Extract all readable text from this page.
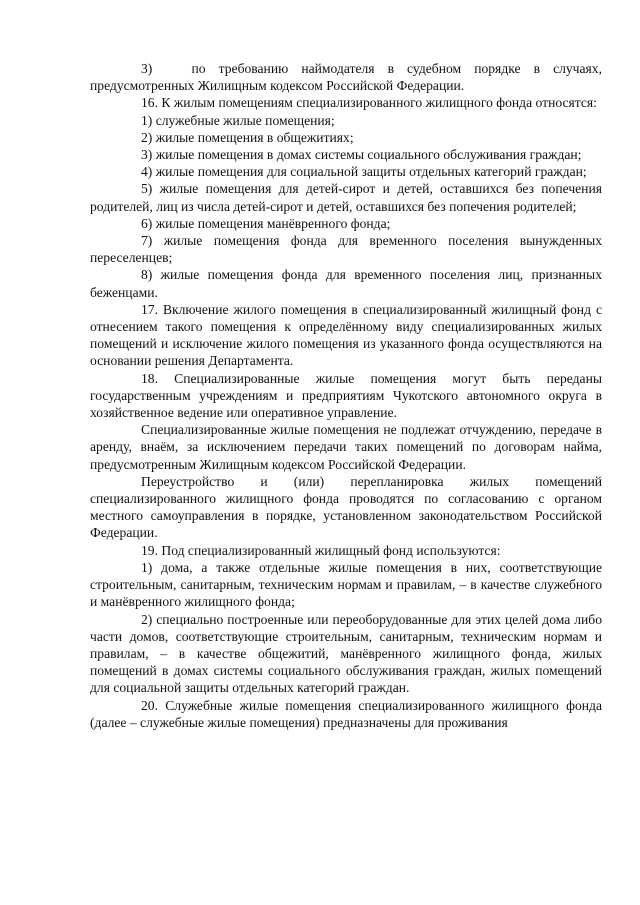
3)   по требованию наймодателя в судебном порядке в случаях, предусмотренных Жилищным кодексом Российской Федерации.

16. К жилым помещениям специализированного жилищного фонда относятся:

1) служебные жилые помещения;

2) жилые помещения в общежитиях;

3) жилые помещения в домах системы социального обслуживания граждан;

4) жилые помещения для социальной защиты отдельных категорий граждан;

5) жилые помещения для детей-сирот и детей, оставшихся без попечения родителей, лиц из числа детей-сирот и детей, оставшихся без попечения родителей;

6) жилые помещения манёвренного фонда;

7) жилые помещения фонда для временного поселения вынужденных переселенцев;

8) жилые помещения фонда для временного поселения лиц, признанных беженцами.

17. Включение жилого помещения в специализированный жилищный фонд с отнесением такого помещения к определённому виду специализированных жилых помещений и исключение жилого помещения из указанного фонда осуществляются на основании решения Департамента.

18. Специализированные жилые помещения могут быть переданы государственным учреждениям и предприятиям Чукотского автономного округа в хозяйственное ведение или оперативное управление.

Специализированные жилые помещения не подлежат отчуждению, передаче в аренду, внаём, за исключением передачи таких помещений по договорам найма, предусмотренным Жилищным кодексом Российской Федерации.

Переустройство и (или) перепланировка жилых помещений специализированного жилищного фонда проводятся по согласованию с органом местного самоуправления в порядке, установленном законодательством Российской Федерации.

19. Под специализированный жилищный фонд используются:

1) дома, а также отдельные жилые помещения в них, соответствующие строительным, санитарным, техническим нормам и правилам, – в качестве служебного и манёвренного жилищного фонда;

2) специально построенные или переоборудованные для этих целей дома либо части домов, соответствующие строительным, санитарным, техническим нормам и правилам, – в качестве общежитий, манёвренного жилищного фонда, жилых помещений в домах системы социального обслуживания граждан, жилых помещений для социальной защиты отдельных категорий граждан.

20. Служебные жилые помещения специализированного жилищного фонда (далее – служебные жилые помещения) предназначены для проживания
